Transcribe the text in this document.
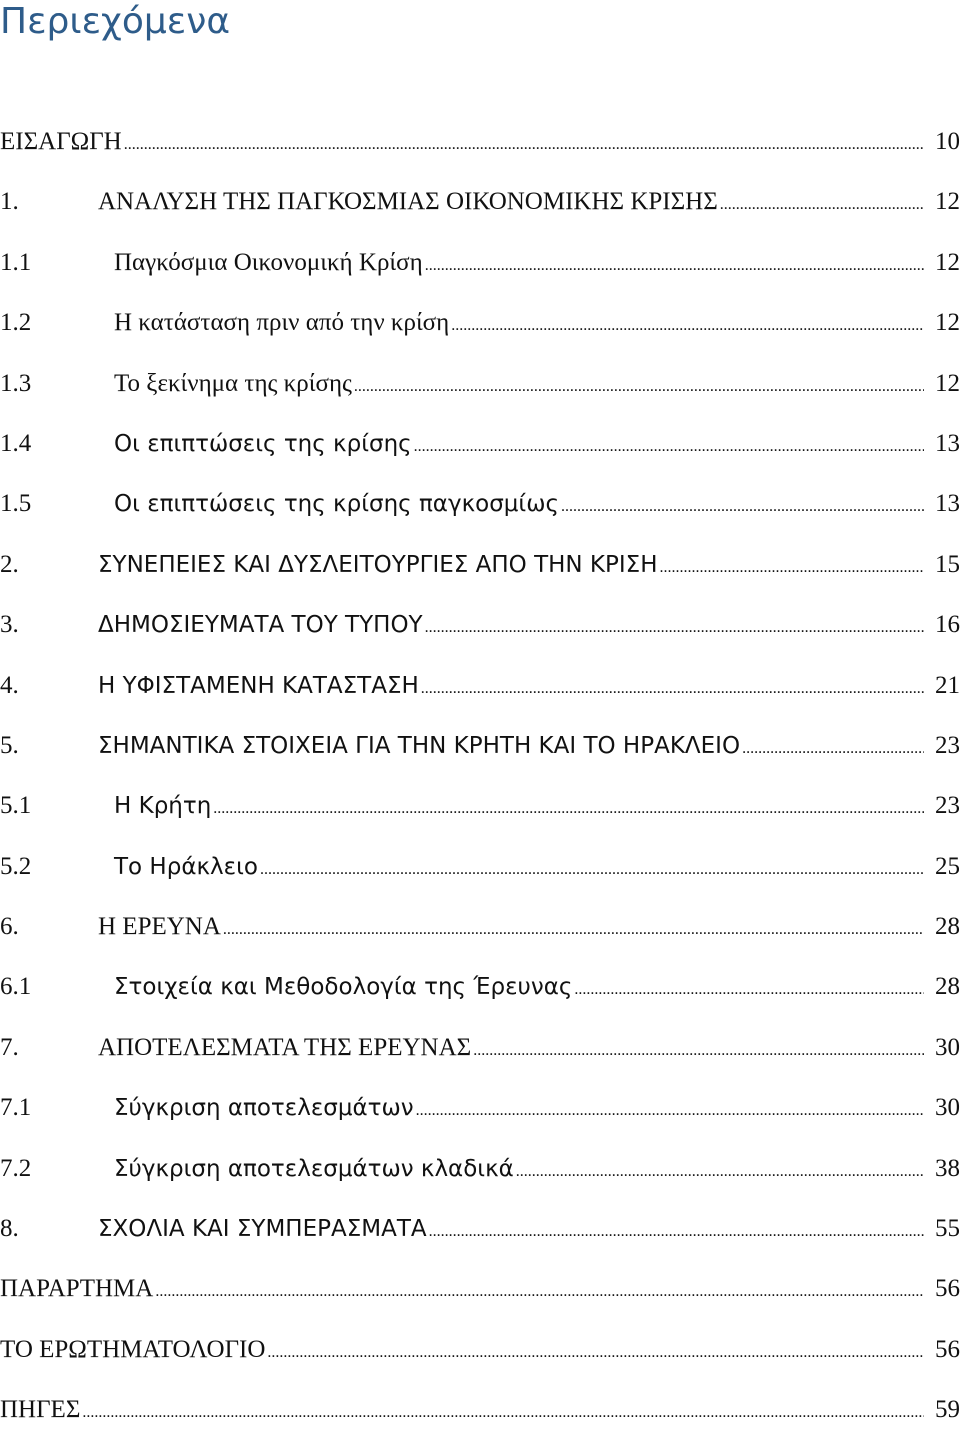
Περιεχόμενα
ΕΙΣΑΓΩΓΗ .....	10
1.	ΑΝΑΛΥΣΗ ΤΗΣ ΠΑΓΚΟΣΜΙΑΣ ΟΙΚΟΝΟΜΙΚΗΣ ΚΡΙΣΗΣ .....	12
1.1	Παγκόσμια Οικονομική Κρίση .....	12
1.2	Η κατάσταση πριν από την κρίση .....	12
1.3	Το ξεκίνημα της κρίσης .....	12
1.4	Οι επιπτώσεις της κρίσης .....	13
1.5	Οι επιπτώσεις της κρίσης παγκοσμίως .....	13
2.	ΣΥΝΕΠΕΙΕΣ ΚΑΙ ΔΥΣΛΕΙΤΟΥΡΓΙΕΣ ΑΠΟ ΤΗΝ ΚΡΙΣΗ .....	15
3.	ΔΗΜΟΣΙΕΥΜΑΤΑ ΤΟΥ ΤΥΠΟΥ .....	16
4.	Η ΥΦΙΣΤΑΜΕΝΗ ΚΑΤΑΣΤΑΣΗ .....	21
5.	ΣΗΜΑΝΤΙΚΑ ΣΤΟΙΧΕΙΑ ΓΙΑ ΤΗΝ ΚΡΗΤΗ ΚΑΙ ΤΟ ΗΡΑΚΛΕΙΟ .....	23
5.1	Η Κρήτη .....	23
5.2	Το Ηράκλειο .....	25
6.	Η ΕΡΕΥΝΑ .....	28
6.1	Στοιχεία και Μεθοδολογία της Έρευνας .....	28
7.	ΑΠΟΤΕΛΕΣΜΑΤΑ ΤΗΣ ΕΡΕΥΝΑΣ .....	30
7.1	Σύγκριση αποτελεσμάτων .....	30
7.2	Σύγκριση αποτελεσμάτων κλαδικά .....	38
8.	ΣΧΟΛΙΑ ΚΑΙ ΣΥΜΠΕΡΑΣΜΑΤΑ .....	55
ΠΑΡΑΡΤΗΜΑ .....	56
ΤΟ ΕΡΩΤΗΜΑΤΟΛΟΓΙΟ .....	56
ΠΗΓΕΣ .....	59
